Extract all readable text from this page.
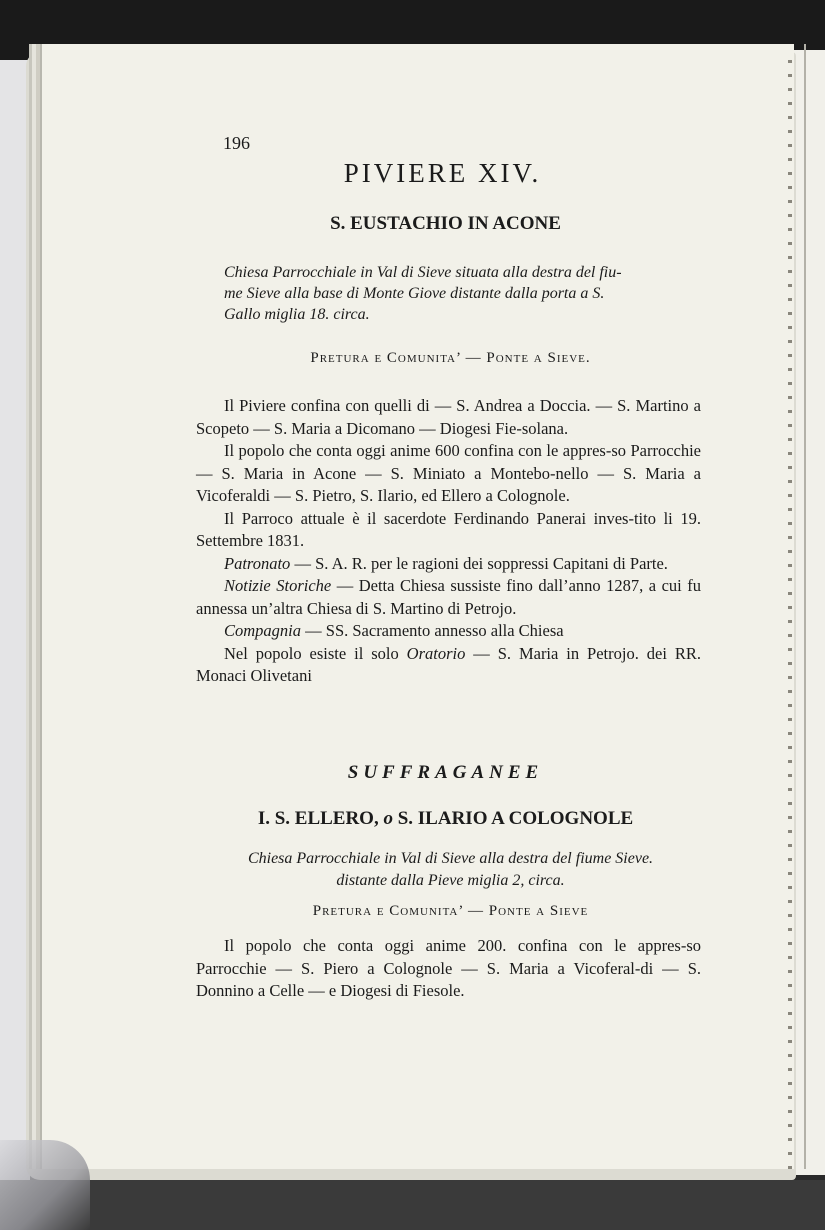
196
PIVIERE XIV.
S. EUSTACHIO IN ACONE
Chiesa Parrocchiale in Val di Sieve situata alla destra del fiu-
me Sieve alla base di Monte Giove distante dalla porta a S.
Gallo miglia 18. circa.
Pretura e Comunita’ — Ponte a Sieve.

Il Piviere confina con quelli di — S. Andrea a Doccia. — S. Martino a Scopeto — S. Maria a Dicomano — Diogesi Fie-solana.

Il popolo che conta oggi anime 600 confina con le appres-so Parrocchie — S. Maria in Acone — S. Miniato a Montebo-nello — S. Maria a Vicoferaldi — S. Pietro, S. Ilario, ed Ellero a Colognole.

Il Parroco attuale è il sacerdote Ferdinando Panerai inves-tito li 19. Settembre 1831.

Patronato — S. A. R. per le ragioni dei soppressi Capitani di Parte.

Notizie Storiche — Detta Chiesa sussiste fino dall’anno 1287, a cui fu annessa un’altra Chiesa di S. Martino di Petrojo.

Compagnia — SS. Sacramento annesso alla Chiesa

Nel popolo esiste il solo Oratorio — S. Maria in Petrojo. dei RR. Monaci Olivetani

SUFFRAGANEE
I. S. ELLERO, o S. ILARIO A COLOGNOLE
Chiesa Parrocchiale in Val di Sieve alla destra del fiume Sieve.
distante dalla Pieve miglia 2, circa.
Pretura e Comunita’ — Ponte a Sieve

Il popolo che conta oggi anime 200. confina con le appres-so Parrocchie — S. Piero a Colognole — S. Maria a Vicoferal-di — S. Donnino a Celle — e Diogesi di Fiesole.
